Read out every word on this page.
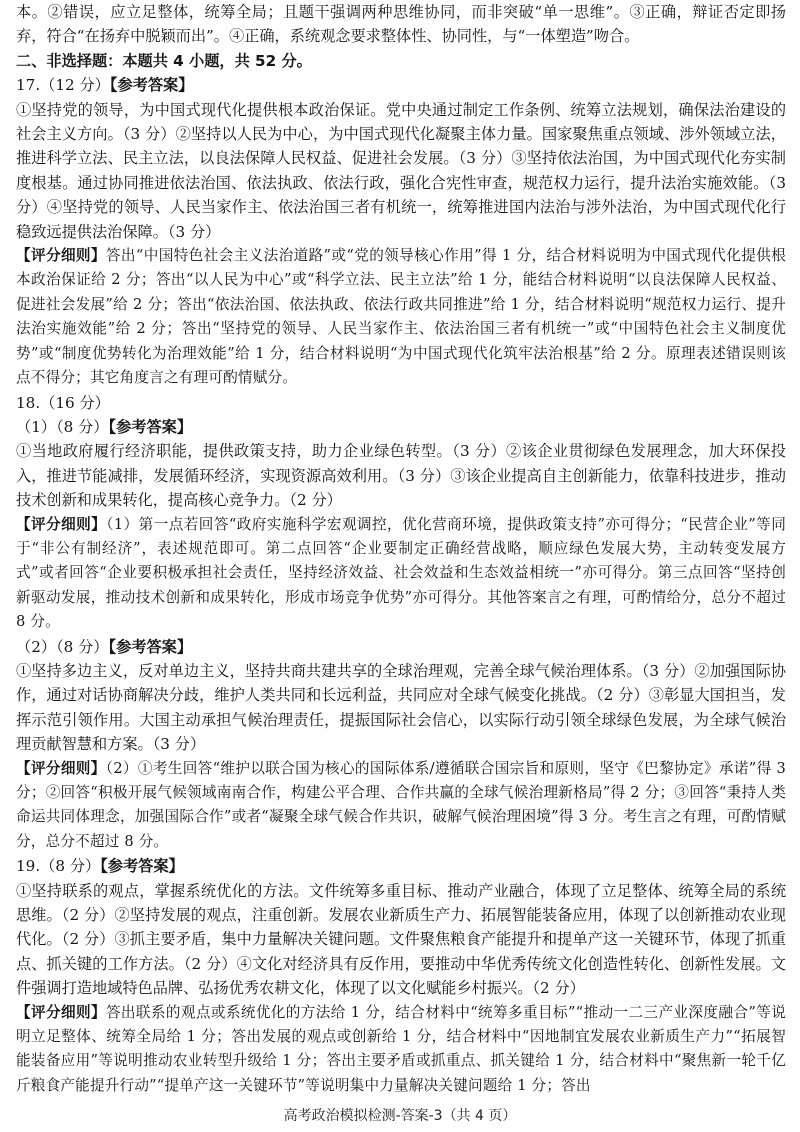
本。②错误，应立足整体，统筹全局；且题干强调两种思维协同，而非突破“单一思维”。③正确，辩证否定即扬弃，符合“在扬弃中脱颖而出”。④正确，系统观念要求整体性、协同性，与“一体塑造”吻合。

二、非选择题：本题共 4 小题，共 52 分。

17.（12 分）【参考答案】

①坚持党的领导，为中国式现代化提供根本政治保证。党中央通过制定工作条例、统筹立法规划，确保法治建设的社会主义方向。（3 分）②坚持以人民为中心，为中国式现代化凝聚主体力量。国家聚焦重点领域、涉外领域立法，推进科学立法、民主立法，以良法保障人民权益、促进社会发展。（3 分）③坚持依法治国，为中国式现代化夯实制度根基。通过协同推进依法治国、依法执政、依法行政，强化合宪性审查，规范权力运行，提升法治实施效能。（3 分）④坚持党的领导、人民当家作主、依法治国三者有机统一，统筹推进国内法治与涉外法治，为中国式现代化行稳致远提供法治保障。（3 分）

【评分细则】答出“中国特色社会主义法治道路”或“党的领导核心作用”得 1 分，结合材料说明为中国式现代化提供根本政治保证给 2 分；答出“以人民为中心”或“科学立法、民主立法”给 1 分，能结合材料说明“以良法保障人民权益、促进社会发展”给 2 分；答出“依法治国、依法执政、依法行政共同推进”给 1 分，结合材料说明“规范权力运行、提升法治实施效能”给 2 分；答出“坚持党的领导、人民当家作主、依法治国三者有机统一”或“中国特色社会主义制度优势”或“制度优势转化为治理效能”给 1 分，结合材料说明“为中国式现代化筑牢法治根基”给 2 分。原理表述错误则该点不得分；其它角度言之有理可酌情赋分。

18.（16 分）

（1）（8 分）【参考答案】

①当地政府履行经济职能，提供政策支持，助力企业绿色转型。（3 分）②该企业贯彻绿色发展理念，加大环保投入，推进节能减排，发展循环经济，实现资源高效利用。（3 分）③该企业提高自主创新能力，依靠科技进步，推动技术创新和成果转化，提高核心竞争力。（2 分）

【评分细则】（1）第一点若回答“政府实施科学宏观调控，优化营商环境，提供政策支持”亦可得分；“民营企业”等同于“非公有制经济”，表述规范即可。第二点回答“企业要制定正确经营战略，顺应绿色发展大势，主动转变发展方式”或者回答“企业要积极承担社会责任，坚持经济效益、社会效益和生态效益相统一”亦可得分。第三点回答“坚持创新驱动发展，推动技术创新和成果转化，形成市场竞争优势”亦可得分。其他答案言之有理，可酌情给分，总分不超过 8 分。

（2）（8 分）【参考答案】

①坚持多边主义，反对单边主义，坚持共商共建共享的全球治理观，完善全球气候治理体系。（3 分）②加强国际协作，通过对话协商解决分歧，维护人类共同和长远利益，共同应对全球气候变化挑战。（2 分）③彰显大国担当，发挥示范引领作用。大国主动承担气候治理责任，提振国际社会信心，以实际行动引领全球绿色发展，为全球气候治理贡献智慧和方案。（3 分）

【评分细则】（2）①考生回答“维护以联合国为核心的国际体系/遵循联合国宗旨和原则，坚守《巴黎协定》承诺”得 3 分；②回答“积极开展气候领域南南合作，构建公平合理、合作共赢的全球气候治理新格局”得 2 分；③回答“秉持人类命运共同体理念，加强国际合作”或者“凝聚全球气候合作共识，破解气候治理困境”得 3 分。考生言之有理，可酌情赋分，总分不超过 8 分。

19.（8 分）【参考答案】

①坚持联系的观点，掌握系统优化的方法。文件统筹多重目标、推动产业融合，体现了立足整体、统筹全局的系统思维。（2 分）②坚持发展的观点，注重创新。发展农业新质生产力、拓展智能装备应用，体现了以创新推动农业现代化。（2 分）③抓主要矛盾，集中力量解决关键问题。文件聚焦粮食产能提升和提单产这一关键环节，体现了抓重点、抓关键的工作方法。（2 分）④文化对经济具有反作用，要推动中华优秀传统文化创造性转化、创新性发展。文件强调打造地域特色品牌、弘扬优秀农耕文化，体现了以文化赋能乡村振兴。（2 分）

【评分细则】答出联系的观点或系统优化的方法给 1 分，结合材料中“统筹多重目标”“推动一二三产业深度融合”等说明立足整体、统筹全局给 1 分；答出发展的观点或创新给 1 分，结合材料中“因地制宜发展农业新质生产力”“拓展智能装备应用”等说明推动农业转型升级给 1 分；答出主要矛盾或抓重点、抓关键给 1 分，结合材料中“聚焦新一轮千亿斤粮食产能提升行动”“提单产这一关键环节”等说明集中力量解决关键问题给 1 分；答出

高考政治模拟检测-答案-3（共 4 页）
